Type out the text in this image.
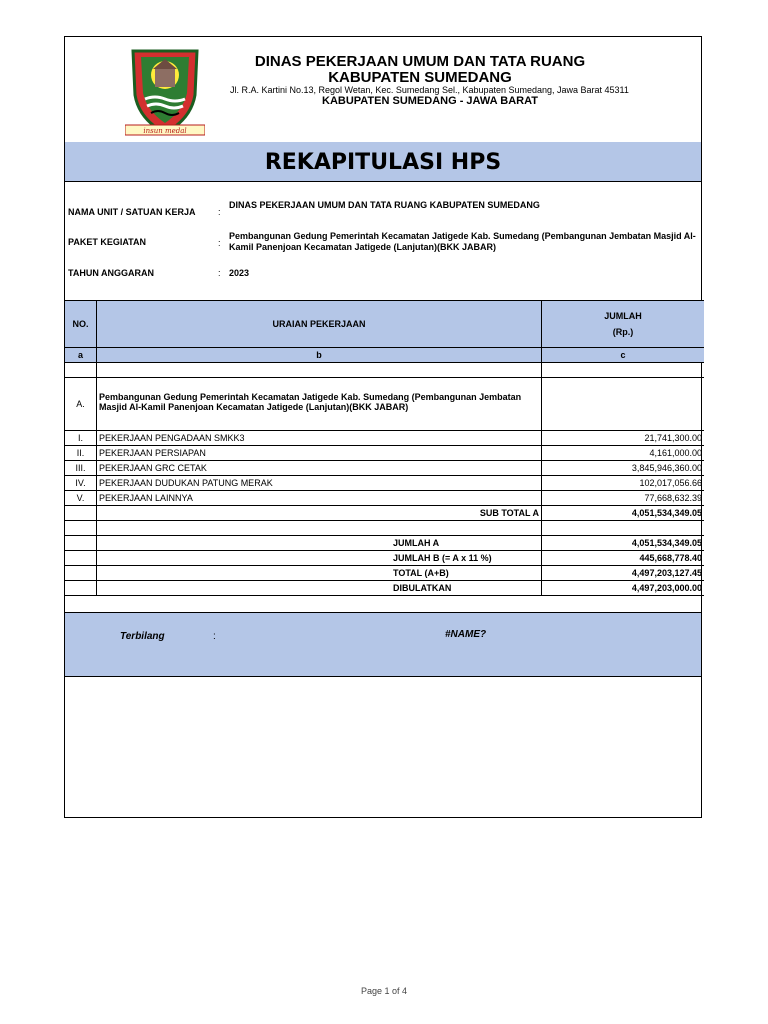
insun medal
DINAS PEKERJAAN UMUM DAN TATA RUANG
KABUPATEN SUMEDANG
Jl. R.A. Kartini No.13, Regol Wetan, Kec. Sumedang Sel., Kabupaten Sumedang, Jawa Barat 45311
KABUPATEN SUMEDANG - JAWA BARAT
REKAPITULASI HPS
NAMA UNIT / SATUAN KERJA	:
DINAS PEKERJAAN UMUM DAN TATA RUANG KABUPATEN SUMEDANG
PAKET KEGIATAN	:
Pembangunan Gedung Pemerintah Kecamatan Jatigede Kab. Sumedang (Pembangunan Jembatan Masjid Al-Kamil Panenjoan Kecamatan Jatigede (Lanjutan)(BKK JABAR)
TAHUN ANGGARAN	: 2023
NO.	URAIAN PEKERJAAN	JUMLAH
(Rp.)

a	b	c

A.	Pembangunan Gedung Pemerintah Kecamatan Jatigede Kab. Sumedang (Pembangunan Jembatan Masjid Al-Kamil Panenjoan Kecamatan Jatigede (Lanjutan)(BKK JABAR)	
I.	PEKERJAAN PENGADAAN SMKK3	21,741,300.00
II.	PEKERJAAN PERSIAPAN	4,161,000.00
III.	PEKERJAAN GRC CETAK	3,845,946,360.00
IV.	PEKERJAAN DUDUKAN PATUNG MERAK	102,017,056.66
V.	PEKERJAAN LAINNYA	77,668,632.39
	SUB TOTAL A	4,051,534,349.05

	JUMLAH A	4,051,534,349.05
	JUMLAH B (= A x 11 %)	445,668,778.40
	TOTAL (A+B)	4,497,203,127.45
	DIBULATKAN	4,497,203,000.00
Terbilang	:	#NAME?
Page 1 of 4
